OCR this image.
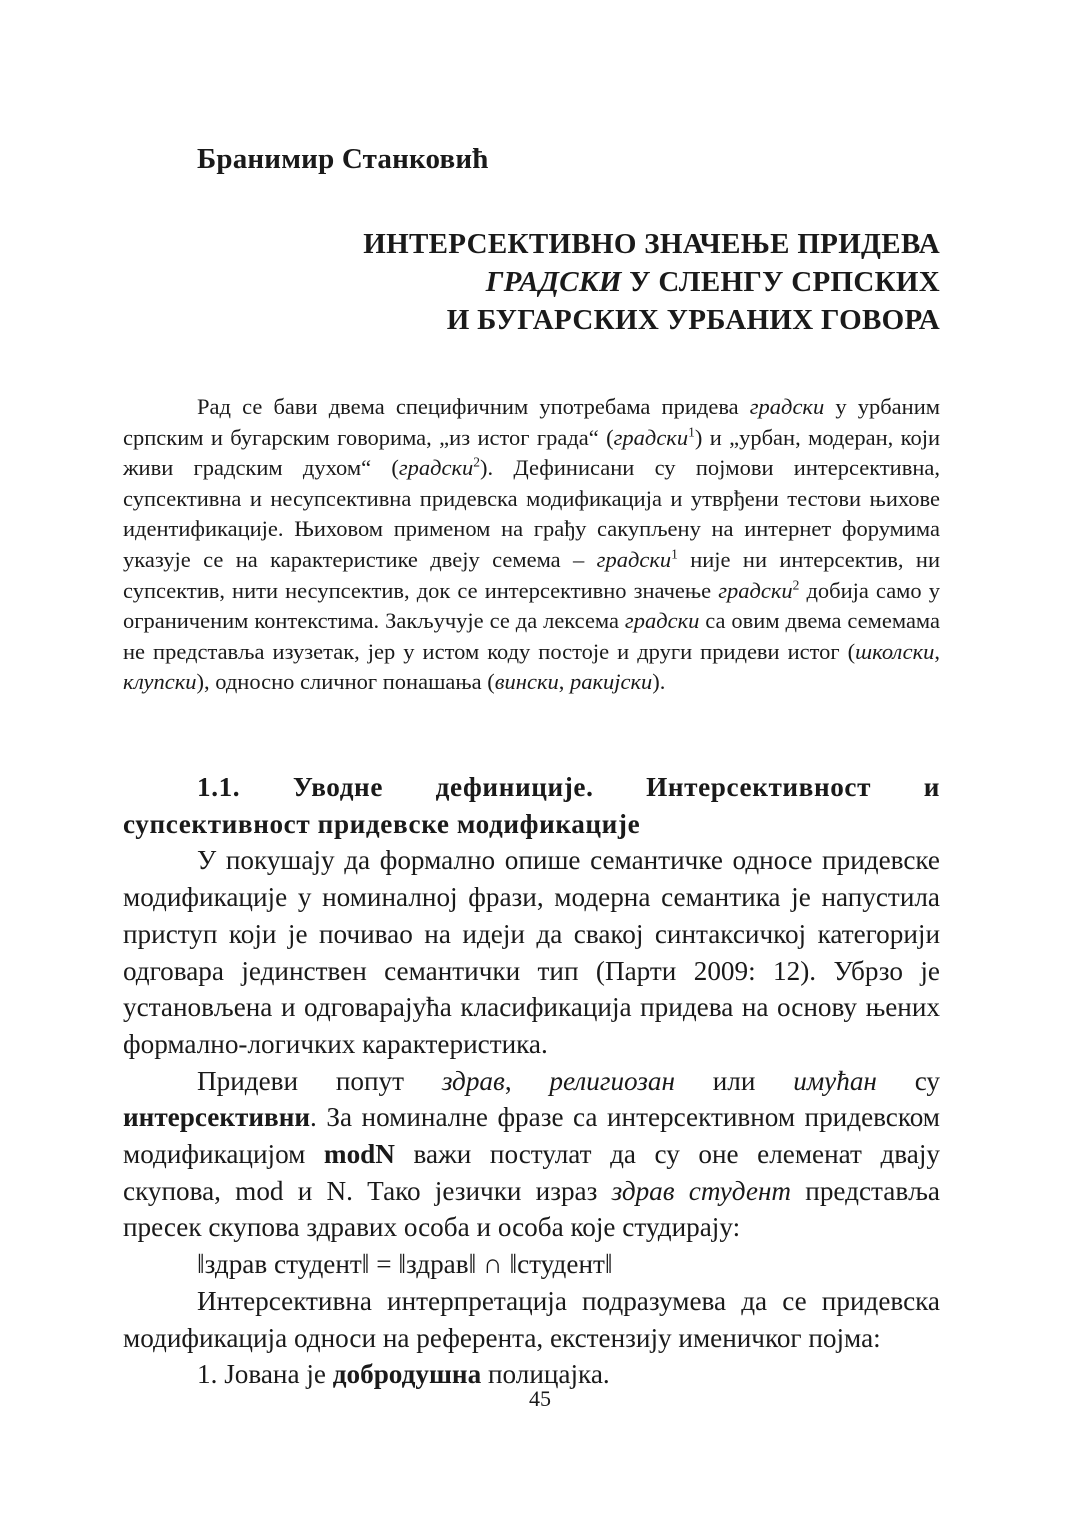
Бранимир Станковић
ИНТЕРСЕКТИВНО ЗНАЧЕЊЕ ПРИДЕВА
ГРАДСКИ У СЛЕНГУ СРПСКИХ
И БУГАРСКИХ УРБАНИХ ГОВОРА

Рад се бави двема специфичним употребама придева градски у урбаним српским и бугарским говорима, „из истог града“ (градски$^1$) и „урбан, модеран, који живи градским духом“ (градски$^2$). Дефинисани су појмови интерсективна, супсективна и несупсективна придевска модификација и утврђени тестови њихове идентификације. Њиховом применом на грађу сакупљену на интернет форумима указује се на карактеристике двеју семема – градски$^1$ није ни интерсектив, ни супсектив, нити несупсектив, док се интерсективно значење градски$^2$ добија само у ограниченим контекстима. Закључује се да лексема градски са овим двема семемама не представља изузетак, јер у истом коду постоје и други придеви истог (школски, клупски), односно сличног понашања (вински, ракијски).

1.1. Уводне дефиниције. Интерсективност и супсективност придевске модификације

У покушају да формално опише семантичке односе придевске модификације у номиналној фрази, модерна семантика је напустила приступ који је почивао на идеји да свакој синтаксичкој категорији одговара јединствен семантички тип (Парти 2009: 12). Убрзо је установљена и одговарајућа класификација придева на основу њених формално-логичких карактеристика.

Придеви попут здрав, религиозан или имућан су интерсективни. За номиналне фразе са интерсективном придевском модификацијом modN важи постулат да су оне елеменат двају скупова, mod и N. Тако језички израз здрав студент представља пресек скупова здравих особа и особа које студирају:

‖здрав студент‖ = ‖здрав‖ ∩ ‖студент‖

Интерсективна интерпретација подразумева да се придевска модификација односи на референта, екстензију именичког појма:

1. Јована је добродушна полицајка.

45
